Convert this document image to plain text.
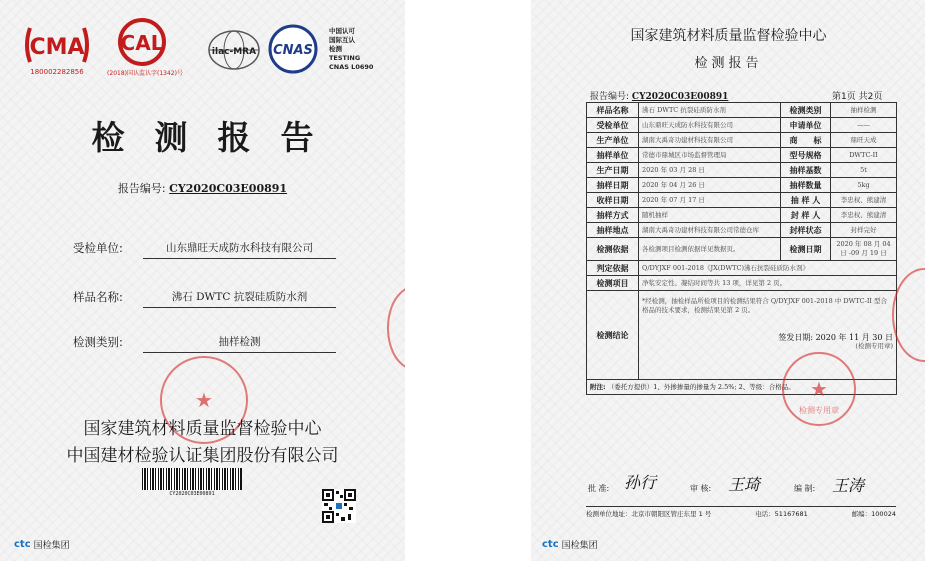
CMA
180002282856
CAL
(2018)国认监认字(1342)号
ilac-MRA CNAS
中国认可
国际互认
检测
TESTING
CNAS L0690
检测报告
报告编号: CY2020C03E00891
受检单位:	山东鼎旺天成防水科技有限公司
样品名称:	沸石 DWTC 抗裂硅质防水剂
检测类别:	抽样检测
★
国家建筑材料质量监督检验中心
中国建材检验认证集团股份有限公司
CY2020C03E00891
ctc 国检集团
国家建筑材料质量监督检验中心
检测报告
报告编号: CY2020C03E00891	第1页 共2页
样品名称	沸石 DWTC 抗裂硅质防水剂	检测类别	抽样检测
受检单位	山东鼎旺天成防水科技有限公司	申请单位	——
生产单位	湖南大禹奇功建材科技有限公司	商　　标	鼎旺天成
抽样单位	常德市鼎城区市场监督管理局	型号规格	DWTC-II
生产日期	2020 年 03 月 28 日	抽样基数	5t
抽样日期	2020 年 04 月 26 日	抽样数量	5kg
收样日期	2020 年 07 月 17 日	抽 样 人	李忠权、熊建清
抽样方式	随机抽样	封 样 人	李忠权、熊建清
抽样地点	湖南大禹奇功建材科技有限公司常德仓库	封样状态	封样完好
检测依据	各检测项目检测依据详见数据页。	检测日期	2020 年 08 月 04 日 -09 月 19 日
判定依据	Q/DYJXF 001-2018《JX(DWTC)沸石抗裂硅质防水剂》		
检测项目	净浆安定性、凝结时间等共 13 项，详见第 2 页。		
检测结论	*经检测，抽检样品所检项目的检测结果符合 Q/DYJXF 001-2018 中 DWTC-II 型合格品的技术要求，检测结果见第 2 页。
签发日期: 2020 年 11 月 30 日
(检测专用章)		

附注: （委托方提供）1、外掺掺量的掺量为 2.5%; 2、等级：合格品。			★
检测专用章
批 准: 孙行	审 核: 王琦	编 制: 王涛
检测单位地址：北京市朝阳区管庄东里 1 号	电话：51167681	邮编：100024
ctc 国检集团
